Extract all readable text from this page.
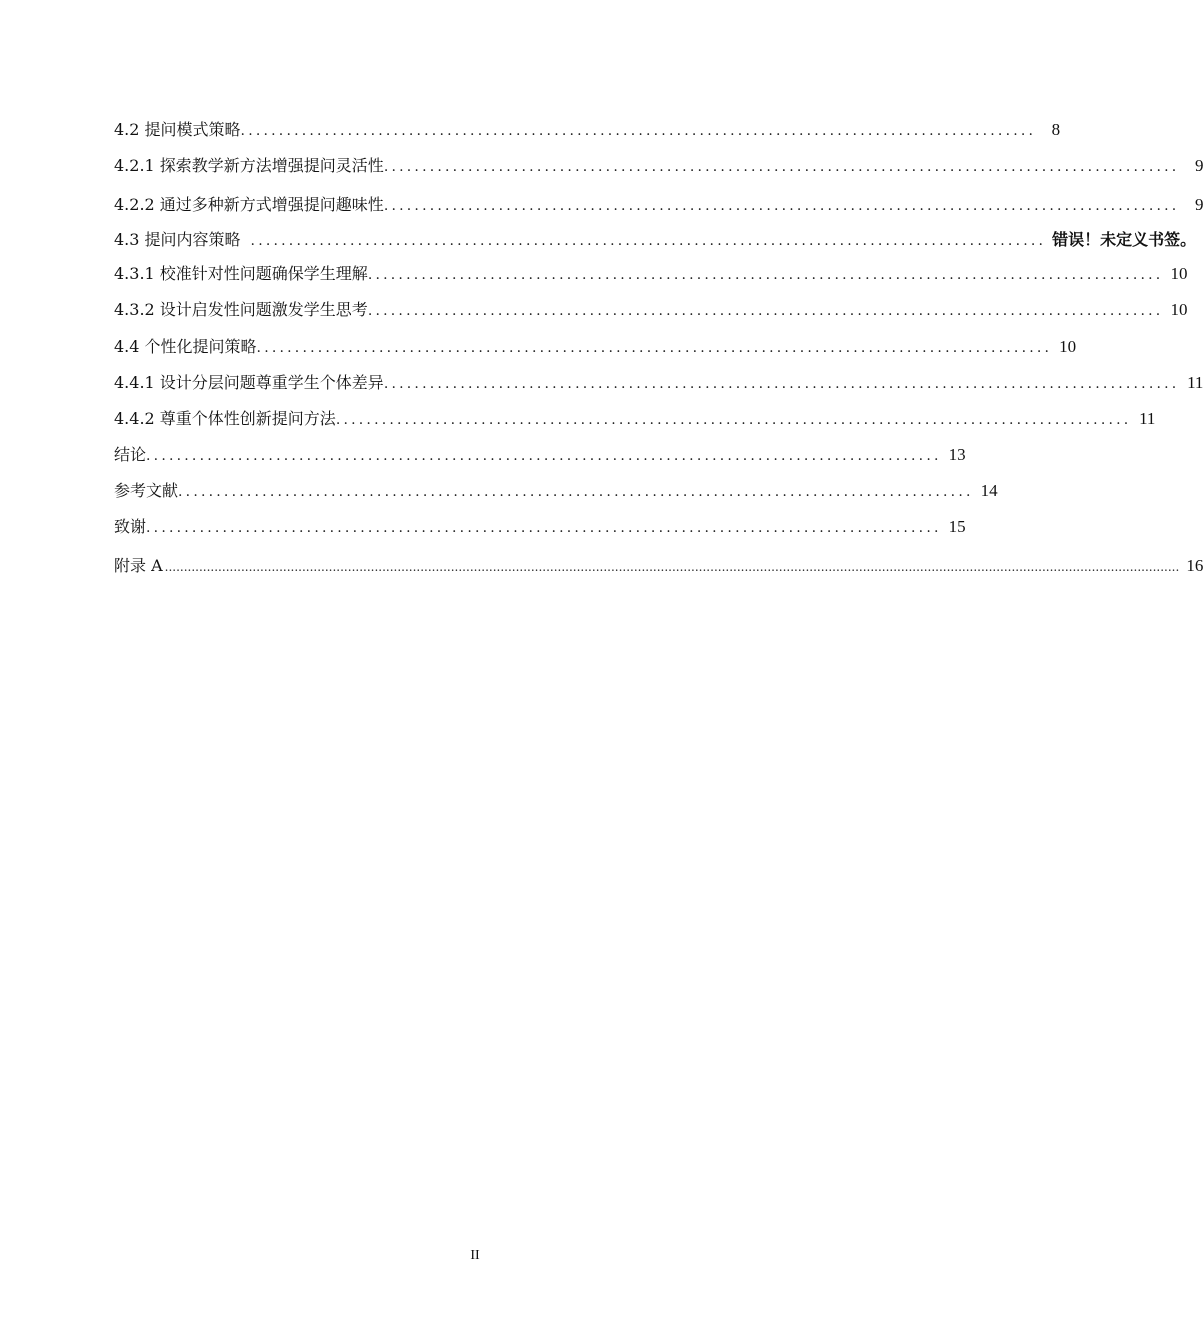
4.2 提问模式策略 ........................................................................................................ 8
4.2.1 探索教学新方法增强提问灵活性 ........................................................................................................ 9
4.2.2 通过多种新方式增强提问趣味性 ........................................................................................................ 9
4.3 提问内容策略 ........................................................................................................ 错误！未定义书签。
4.3.1 校准针对性问题确保学生理解 ........................................................................................................ 10
4.3.2 设计启发性问题激发学生思考 ........................................................................................................ 10
4.4 个性化提问策略 ........................................................................................................ 10
4.4.1 设计分层问题尊重学生个体差异 ........................................................................................................ 11
4.4.2 尊重个体性创新提问方法 ........................................................................................................ 11
结论 ........................................................................................................ 13
参考文献 ........................................................................................................ 14
致谢 ........................................................................................................ 15
附录 A .......................................................................................................................................................................................................................................................................... 16
II
